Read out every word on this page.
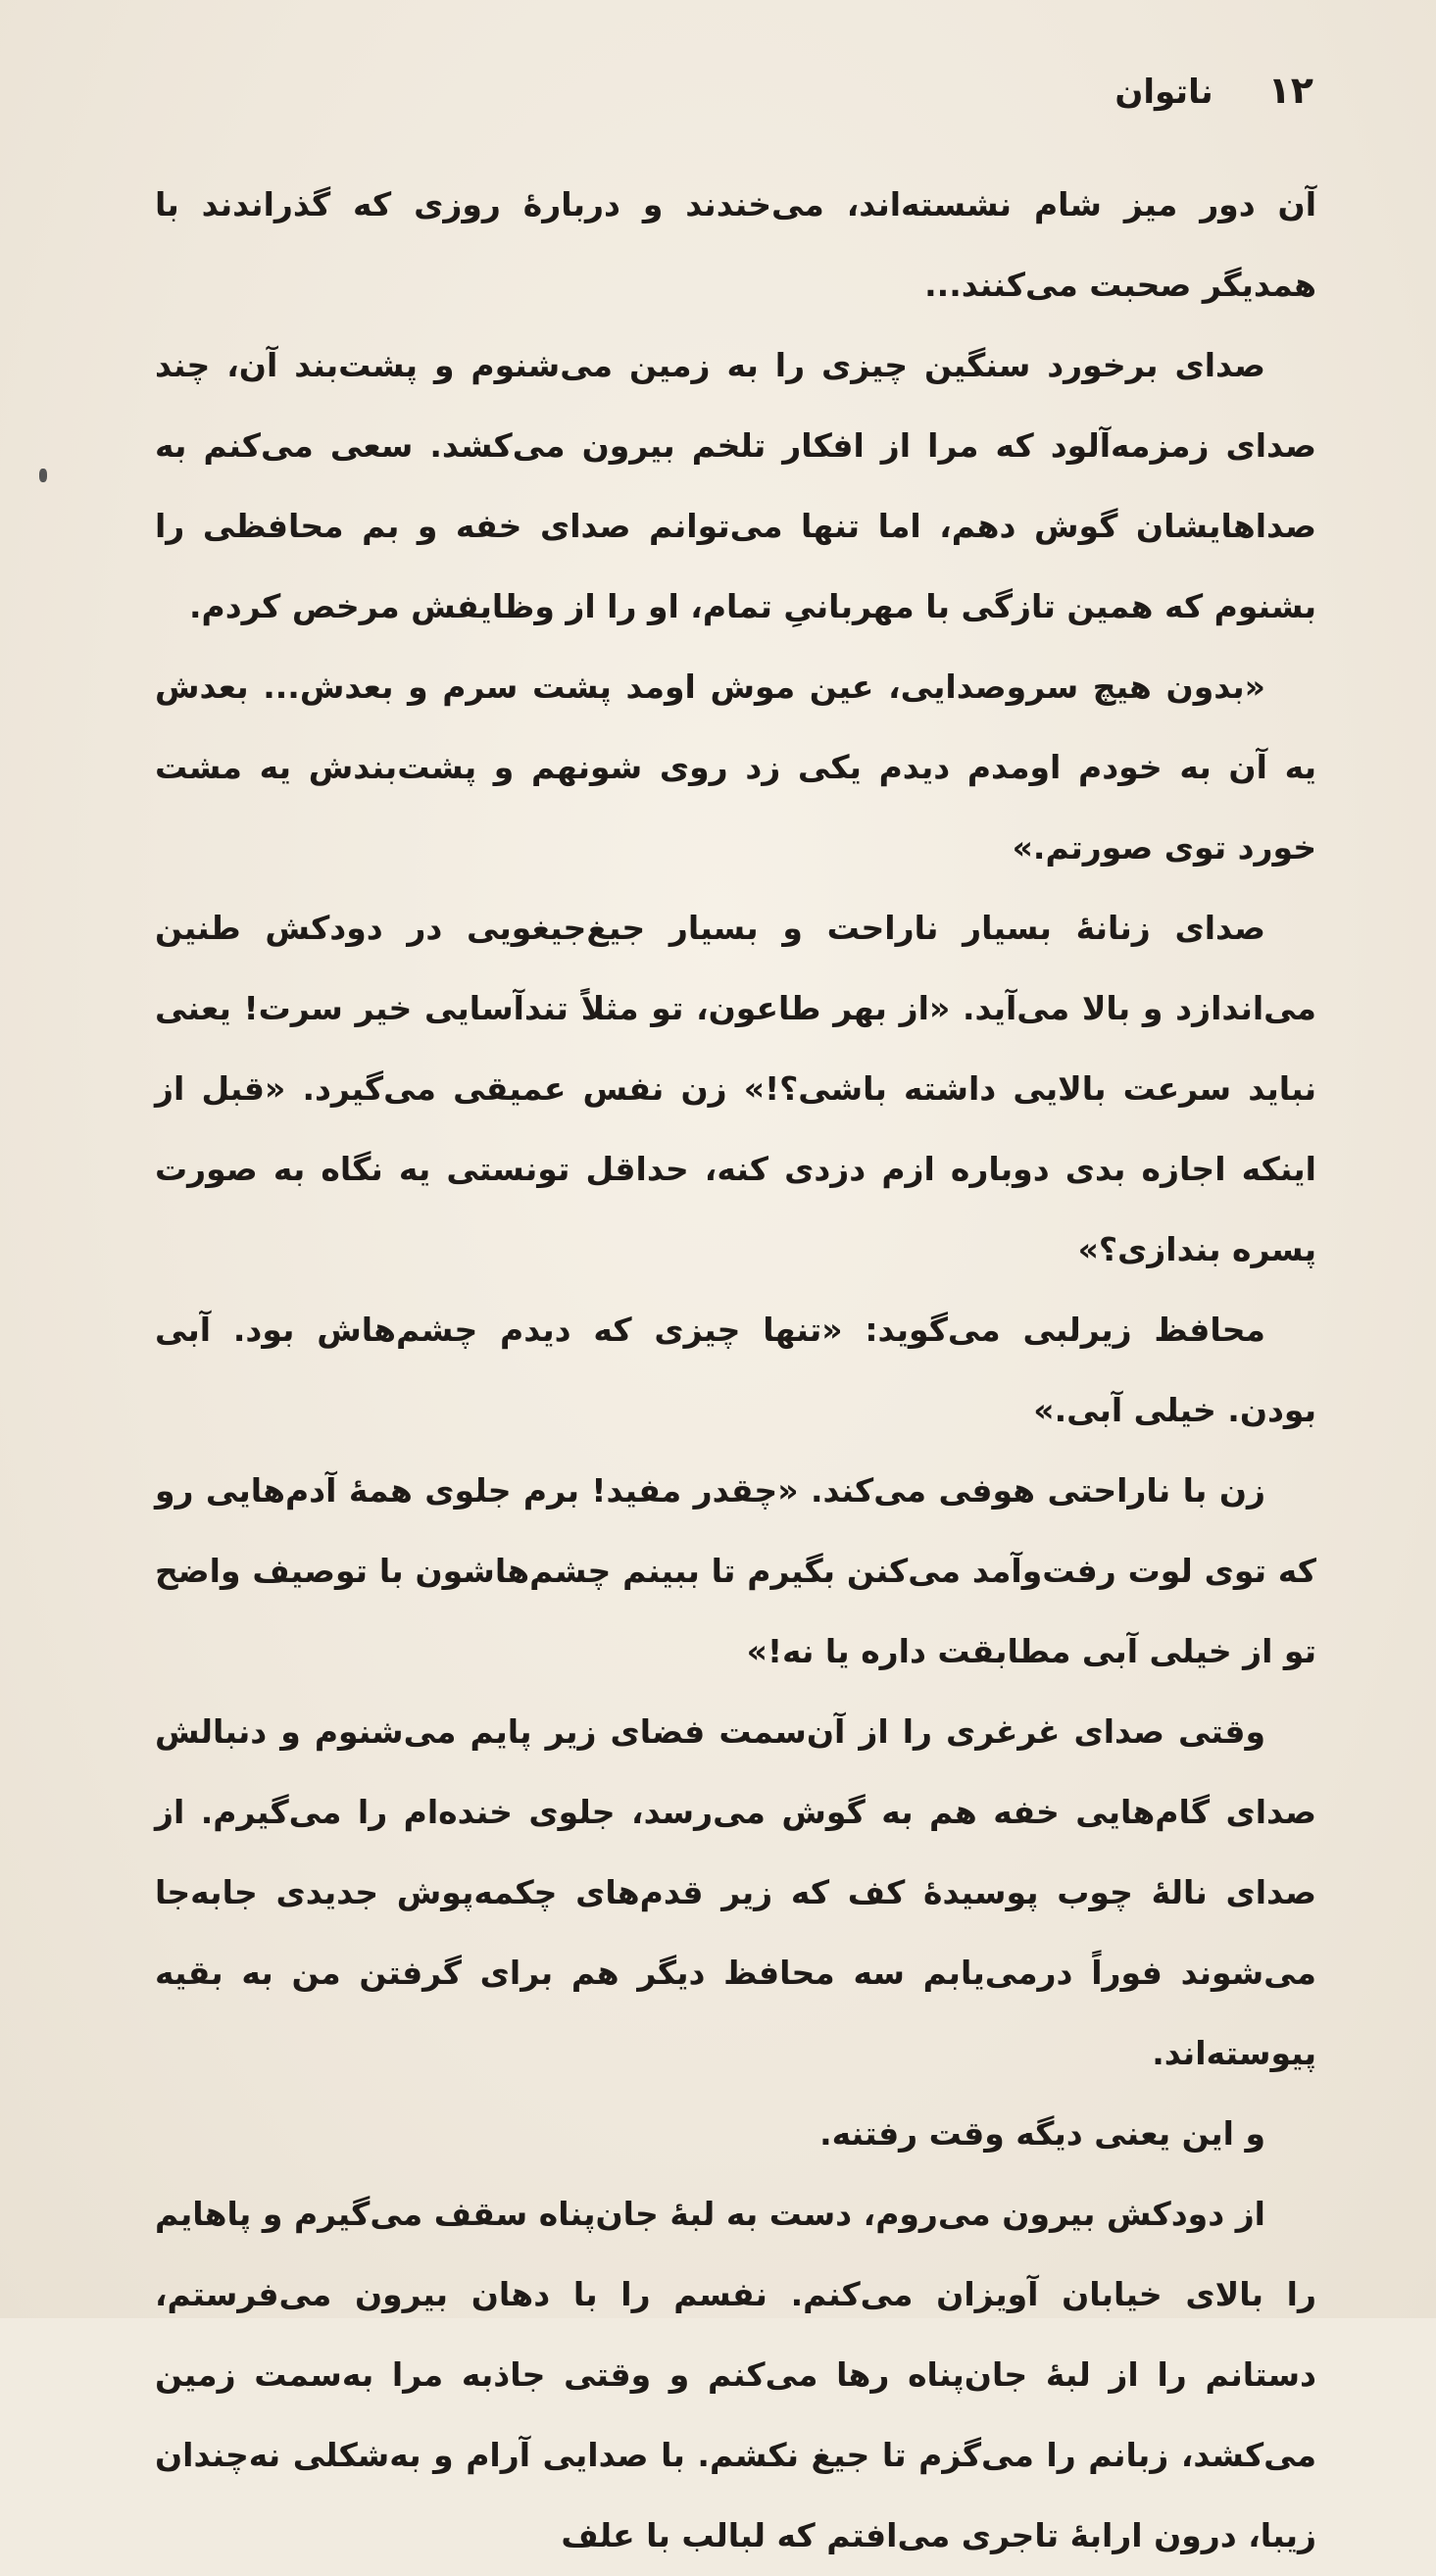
۱۲
ناتوان

آن دور میز شام نشسته‌اند، می‌خندند و دربارهٔ روزی که گذراندند با همدیگر صحبت می‌کنند...

صدای برخورد سنگین چیزی را به زمین می‌شنوم و پشت‌بند آن، چند صدای زمزمه‌آلود که مرا از افکار تلخم بیرون می‌کشد. سعی می‌کنم به صداهایشان گوش دهم، اما تنها می‌توانم صدای خفه و بم محافظی را بشنوم که همین تازگی با مهربانیِ تمام، او را از وظایفش مرخص کردم.

«بدون هیچ سروصدایی، عین موش اومد پشت سرم و بعدش... بعدش یه آن به خودم اومدم دیدم یکی زد روی شونهم و پشت‌بندش یه مشت خورد توی صورتم.»

صدای زنانهٔ بسیار ناراحت و بسیار جیغ‌جیغویی در دودکش طنین می‌اندازد و بالا می‌آید. «از بهر طاعون، تو مثلاً تندآسایی خیر سرت! یعنی نباید سرعت بالایی داشته باشی؟!» زن نفس عمیقی می‌گیرد. «قبل از اینکه اجازه بدی دوباره ازم دزدی کنه، حداقل تونستی یه نگاه به صورت پسره بندازی؟»

محافظ زیرلبی می‌گوید: «تنها چیزی که دیدم چشم‌هاش بود. آبی بودن. خیلی آبی.»

زن با ناراحتی هوفی می‌کند. «چقدر مفید! برم جلوی همهٔ آدم‌هایی رو که توی لوت رفت‌وآمد می‌کنن بگیرم تا ببینم چشم‌هاشون با توصیف واضح تو از خیلی آبی مطابقت داره یا نه!»

وقتی صدای غرغری را از آن‌سمت فضای زیر پایم می‌شنوم و دنبالش صدای گام‌هایی خفه هم به گوش می‌رسد، جلوی خنده‌ام را می‌گیرم. از صدای نالهٔ چوب پوسیدهٔ کف که زیر قدم‌های چکمه‌پوش جدیدی جابه‌جا می‌شوند فوراً درمی‌یابم سه محافظ دیگر هم برای گرفتن من به بقیه پیوسته‌اند.

و این یعنی دیگه وقت رفتنه.

از دودکش بیرون می‌روم، دست به لبهٔ جان‌پناه سقف می‌گیرم و پاهایم را بالای خیابان آویزان می‌کنم. نفسم را با دهان بیرون می‌فرستم، دستانم را از لبهٔ جان‌پناه رها می‌کنم و وقتی جاذبه مرا به‌سمت زمین می‌کشد، زبانم را می‌گزم تا جیغ نکشم. با صدایی آرام و به‌شکلی نه‌چندان زیبا، درون ارابهٔ تاجری می‌افتم که لبالب با علف
